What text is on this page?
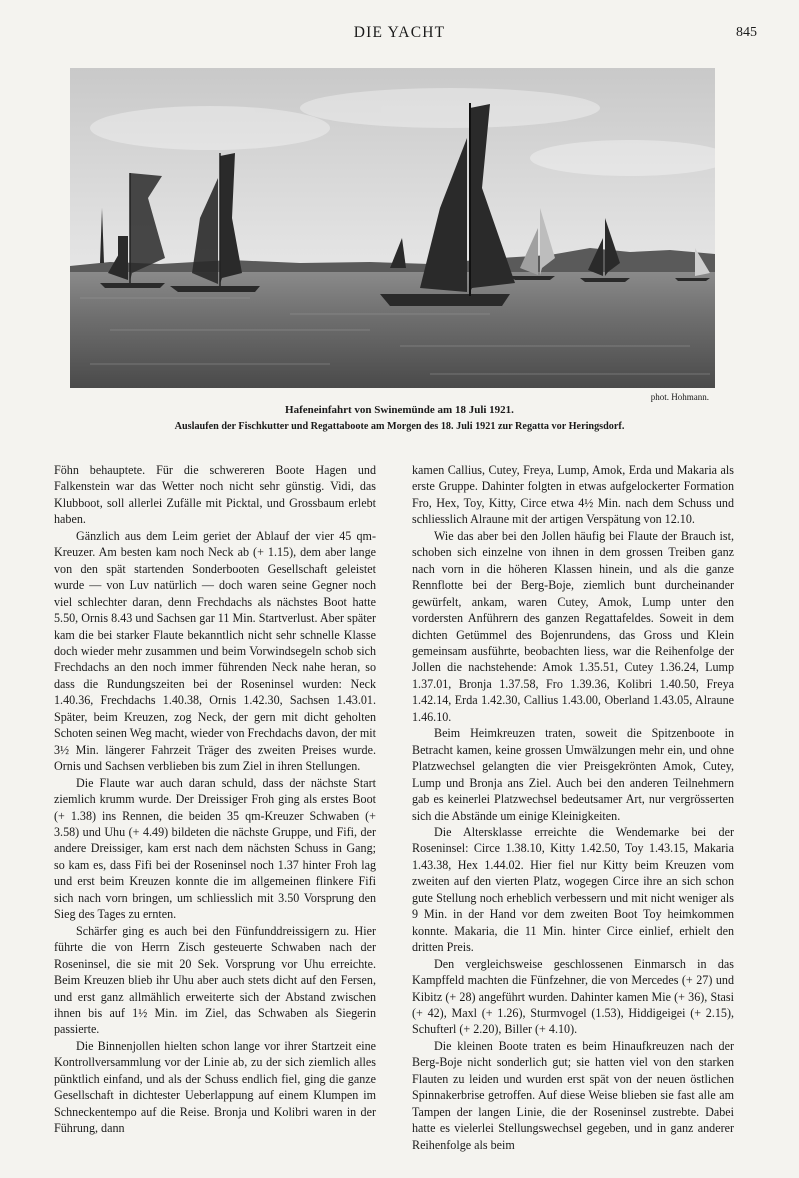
DIE YACHT	845
phot. Hohmann.
Hafeneinfahrt von Swinemünde am 18 Juli 1921.
Auslaufen der Fischkutter und Regattaboote am Morgen des 18. Juli 1921 zur Regatta vor Heringsdorf.

Föhn behauptete. Für die schwereren Boote Hagen und Falkenstein war das Wetter noch nicht sehr günstig. Vidi, das Klubboot, soll allerlei Zufälle mit Picktal, und Grossbaum erlebt haben.

Gänzlich aus dem Leim geriet der Ablauf der vier 45 qm-Kreuzer. Am besten kam noch Neck ab (+ 1.15), dem aber lange von den spät startenden Sonderbooten Gesellschaft geleistet wurde — von Luv natürlich — doch waren seine Gegner noch viel schlechter daran, denn Frechdachs als nächstes Boot hatte 5.50, Ornis 8.43 und Sachsen gar 11 Min. Startverlust. Aber später kam die bei starker Flaute bekanntlich nicht sehr schnelle Klasse doch wieder mehr zusammen und beim Vorwindsegeln schob sich Frechdachs an den noch immer führenden Neck nahe heran, so dass die Rundungszeiten bei der Roseninsel wurden: Neck 1.40.36, Frechdachs 1.40.38, Ornis 1.42.30, Sachsen 1.43.01. Später, beim Kreuzen, zog Neck, der gern mit dicht geholten Schoten seinen Weg macht, wieder von Frechdachs davon, der mit 3½ Min. längerer Fahrzeit Träger des zweiten Preises wurde. Ornis und Sachsen verblieben bis zum Ziel in ihren Stellungen.

Die Flaute war auch daran schuld, dass der nächste Start ziemlich krumm wurde. Der Dreissiger Froh ging als erstes Boot (+ 1.38) ins Rennen, die beiden 35 qm-Kreuzer Schwaben (+ 3.58) und Uhu (+ 4.49) bildeten die nächste Gruppe, und Fifi, der andere Dreissiger, kam erst nach dem nächsten Schuss in Gang; so kam es, dass Fifi bei der Roseninsel noch 1.37 hinter Froh lag und erst beim Kreuzen konnte die im allgemeinen flinkere Fifi sich nach vorn bringen, um schliesslich mit 3.50 Vorsprung den Sieg des Tages zu ernten.

Schärfer ging es auch bei den Fünfunddreissigern zu. Hier führte die von Herrn Zisch gesteuerte Schwaben nach der Roseninsel, die sie mit 20 Sek. Vorsprung vor Uhu erreichte. Beim Kreuzen blieb ihr Uhu aber auch stets dicht auf den Fersen, und erst ganz allmählich erweiterte sich der Abstand zwischen ihnen bis auf 1½ Min. im Ziel, das Schwaben als Siegerin passierte.

Die Binnenjollen hielten schon lange vor ihrer Startzeit eine Kontrollversammlung vor der Linie ab, zu der sich ziemlich alles pünktlich einfand, und als der Schuss endlich fiel, ging die ganze Gesellschaft in dichtester Ueberlappung auf einem Klumpen im Schneckentempo auf die Reise. Bronja und Kolibri waren in der Führung, dann

kamen Callius, Cutey, Freya, Lump, Amok, Erda und Makaria als erste Gruppe. Dahinter folgten in etwas aufgelockerter Formation Fro, Hex, Toy, Kitty, Circe etwa 4½ Min. nach dem Schuss und schliesslich Alraune mit der artigen Verspätung von 12.10.

Wie das aber bei den Jollen häufig bei Flaute der Brauch ist, schoben sich einzelne von ihnen in dem grossen Treiben ganz nach vorn in die höheren Klassen hinein, und als die ganze Rennflotte bei der Berg-Boje, ziemlich bunt durcheinander gewürfelt, ankam, waren Cutey, Amok, Lump unter den vordersten Anführern des ganzen Regattafeldes. Soweit in dem dichten Getümmel des Bojenrundens, das Gross und Klein gemeinsam ausführte, beobachten liess, war die Reihenfolge der Jollen die nachstehende: Amok 1.35.51, Cutey 1.36.24, Lump 1.37.01, Bronja 1.37.58, Fro 1.39.36, Kolibri 1.40.50, Freya 1.42.14, Erda 1.42.30, Callius 1.43.00, Oberland 1.43.05, Alraune 1.46.10.

Beim Heimkreuzen traten, soweit die Spitzenboote in Betracht kamen, keine grossen Umwälzungen mehr ein, und ohne Platzwechsel gelangten die vier Preisgekrönten Amok, Cutey, Lump und Bronja ans Ziel. Auch bei den anderen Teilnehmern gab es keinerlei Platzwechsel bedeutsamer Art, nur vergrösserten sich die Abstände um einige Kleinigkeiten.

Die Altersklasse erreichte die Wendemarke bei der Roseninsel: Circe 1.38.10, Kitty 1.42.50, Toy 1.43.15, Makaria 1.43.38, Hex 1.44.02. Hier fiel nur Kitty beim Kreuzen vom zweiten auf den vierten Platz, wogegen Circe ihre an sich schon gute Stellung noch erheblich verbessern und mit nicht weniger als 9 Min. in der Hand vor dem zweiten Boot Toy heimkommen konnte. Makaria, die 11 Min. hinter Circe einlief, erhielt den dritten Preis.

Den vergleichsweise geschlossenen Einmarsch in das Kampffeld machten die Fünfzehner, die von Mercedes (+ 27) und Kibitz (+ 28) angeführt wurden. Dahinter kamen Mie (+ 36), Stasi (+ 42), Maxl (+ 1.26), Sturmvogel (1.53), Hiddigeigei (+ 2.15), Schufterl (+ 2.20), Biller (+ 4.10).

Die kleinen Boote traten es beim Hinaufkreuzen nach der Berg-Boje nicht sonderlich gut; sie hatten viel von den starken Flauten zu leiden und wurden erst spät von der neuen östlichen Spinnakerbrise getroffen. Auf diese Weise blieben sie fast alle am Tampen der langen Linie, die der Roseninsel zustrebte. Dabei hatte es vielerlei Stellungswechsel gegeben, und in ganz anderer Reihenfolge als beim
